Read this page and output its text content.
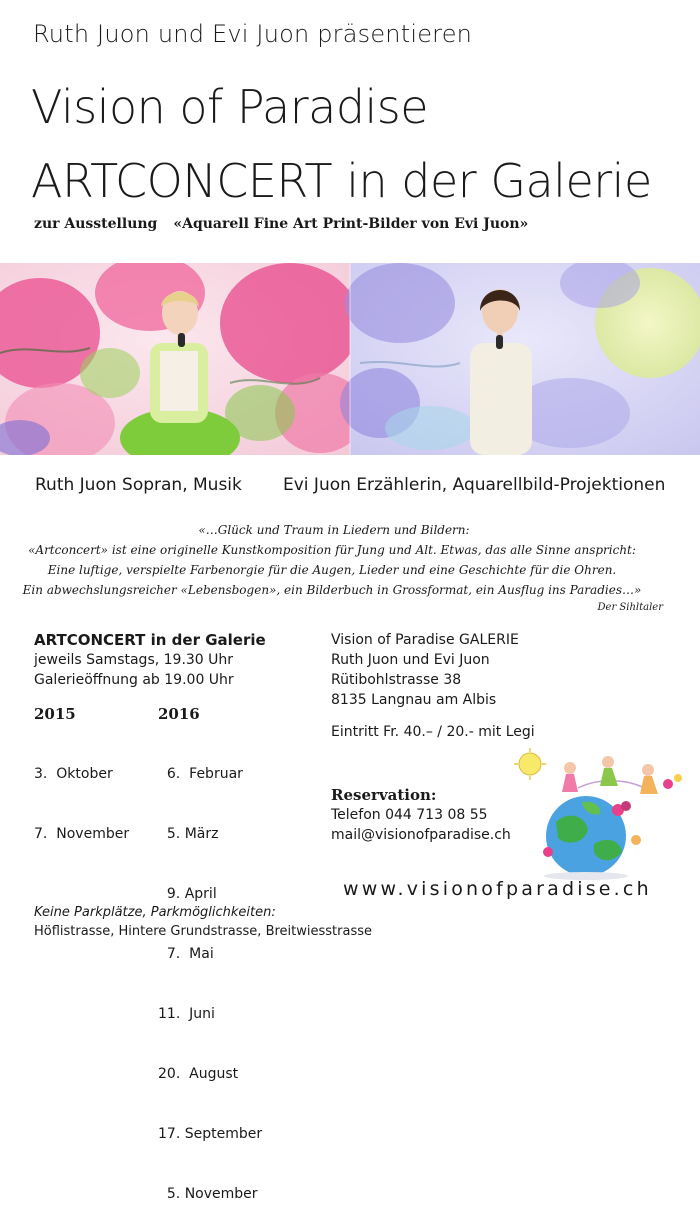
Ruth Juon und Evi Juon präsentieren
Vision of Paradise
ARTCONCERT in der Galerie
zur Ausstellung «Aquarell Fine Art Print-Bilder von Evi Juon»
Ruth Juon Sopran, Musik Evi Juon Erzählerin, Aquarellbild-Projektionen
«…Glück und Traum in Liedern und Bildern:
«Artconcert» ist eine originelle Kunstkomposition für Jung und Alt. Etwas, das alle Sinne anspricht:
Eine luftige, verspielte Farbenorgie für die Augen, Lieder und eine Geschichte für die Ohren.
Ein abwechslungsreicher «Lebensbogen», ein Bilderbuch in Grossformat, ein Ausflug ins Paradies…»
Der Sihltaler
ARTCONCERT in der Galerie
jeweils Samstags, 19.30 Uhr
Galerieöffnung ab 19.00 Uhr
2015	2016

3.  Oktober

7.  November

6.  Februar

5. März

9. April

7.  Mai

11.  Juni

20.  August

17. September

5. November

Vision of Paradise GALERIE
Ruth Juon und Evi Juon
Rütibohlstrasse 38
8135 Langnau am Albis
Eintritt Fr. 40.– / 20.- mit Legi
Reservation:
Telefon 044 713 08 55
mail@visionofparadise.ch
www.visionofparadise.ch
Keine Parkplätze, Parkmöglichkeiten:
Höflistrasse, Hintere Grundstrasse, Breitwiesstrasse
